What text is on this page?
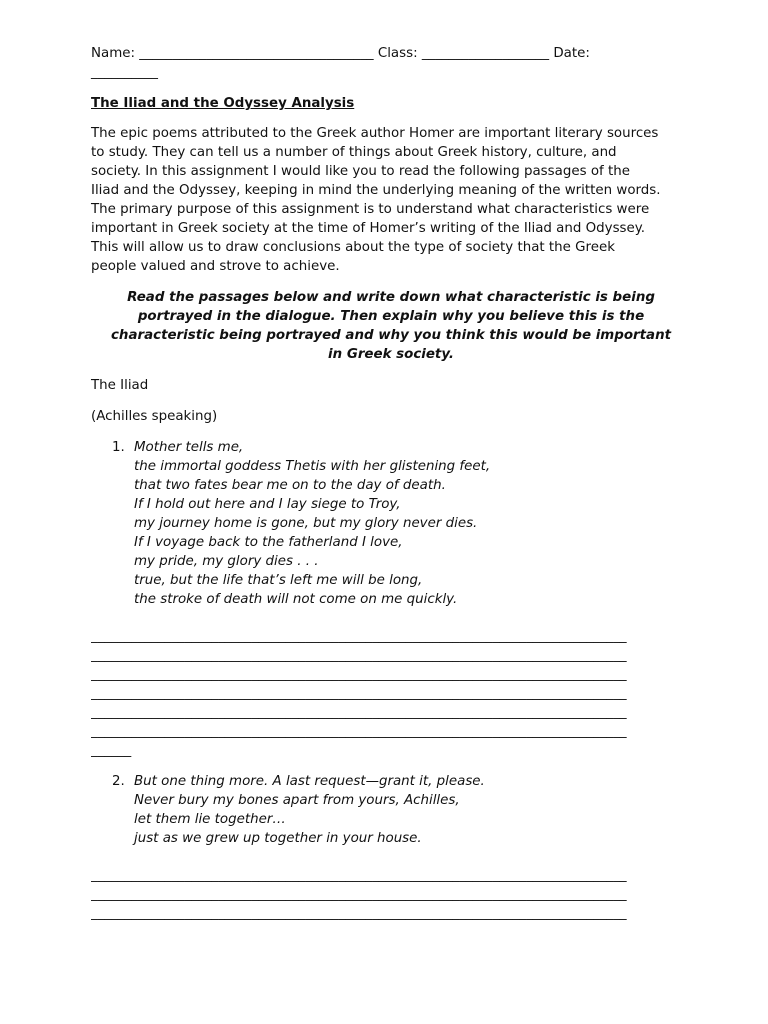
Name: ___________________________________ Class: ___________________ Date:
__________
The Iliad and the Odyssey Analysis
The epic poems attributed to the Greek author Homer are important literary sources
to study. They can tell us a number of things about Greek history, culture, and
society. In this assignment I would like you to read the following passages of the
Iliad and the Odyssey, keeping in mind the underlying meaning of the written words.
The primary purpose of this assignment is to understand what characteristics were
important in Greek society at the time of Homer’s writing of the Iliad and Odyssey.
This will allow us to draw conclusions about the type of society that the Greek
people valued and strove to achieve.
Read the passages below and write down what characteristic is being
portrayed in the dialogue. Then explain why you believe this is the
characteristic being portrayed and why you think this would be important
in Greek society.
The Iliad
(Achilles speaking)
1. Mother tells me,
the immortal goddess Thetis with her glistening feet,
that two fates bear me on to the day of death.
If I hold out here and I lay siege to Troy,
my journey home is gone, but my glory never dies.
If I voyage back to the fatherland I love,
my pride, my glory dies . . .
true, but the life that’s left me will be long,
the stroke of death will not come on me quickly.
________________________________________________________________________________
________________________________________________________________________________
________________________________________________________________________________
________________________________________________________________________________
________________________________________________________________________________
________________________________________________________________________________
______
2. But one thing more. A last request—grant it, please.
Never bury my bones apart from yours, Achilles,
let them lie together…
just as we grew up together in your house.
________________________________________________________________________________
________________________________________________________________________________
________________________________________________________________________________
